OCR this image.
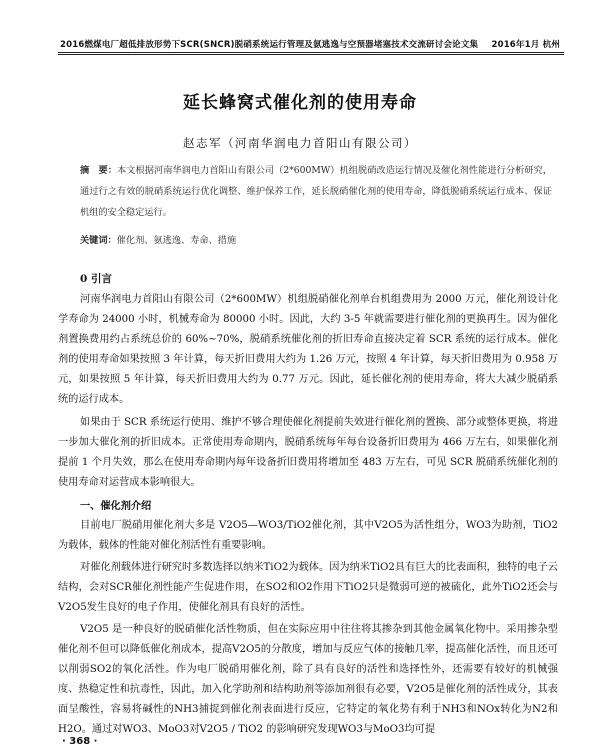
2016燃煤电厂超低排放形势下SCR(SNCR)脱硝系统运行管理及氨逃逸与空预器堵塞技术交流研讨会论文集 2016年1月 杭州
延长蜂窝式催化剂的使用寿命
赵志军（河南华润电力首阳山有限公司）

摘　要：本文根据河南华润电力首阳山有限公司（2*600MW）机组脱硝改造运行情况及催化剂性能进行分析研究，通过行之有效的脱硝系统运行优化调整、维护保养工作，延长脱硝催化剂的使用寿命，降低脱硝系统运行成本、保证机组的安全稳定运行。

关键词：催化剂、氨逃逸、寿命、措施

0 引言

河南华润电力首阳山有限公司（2*600MW）机组脱硝催化剂单台机组费用为 2000 万元，催化剂设计化学寿命为 24000 小时，机械寿命为 80000 小时。因此，大约 3-5 年就需要进行催化剂的更换再生。因为催化剂置换费用约占系统总价的 60%~70%，脱硝系统催化剂的折旧寿命直接决定着 SCR 系统的运行成本。催化剂的使用寿命如果按照 3 年计算，每天折旧费用大约为 1.26 万元，按照 4 年计算，每天折旧费用为 0.958 万元，如果按照 5 年计算，每天折旧费用大约为 0.77 万元。因此，延长催化剂的使用寿命，将大大减少脱硝系统的运行成本。

如果由于 SCR 系统运行使用、维护不够合理使催化剂提前失效进行催化剂的置换、部分或整体更换，将进一步加大催化剂的折旧成本。正常使用寿命期内，脱硝系统每年每台设备折旧费用为 466 万左右，如果催化剂提前 1 个月失效，那么在使用寿命期内每年设备折旧费用将增加至 483 万左右，可见 SCR 脱硝系统催化剂的使用寿命对运营成本影响很大。

一、催化剂介绍

目前电厂脱硝用催化剂大多是 V2O5—WO3/TiO2催化剂，其中V2O5为活性组分，WO3为助剂，TiO2为载体，载体的性能对催化剂活性有重要影响。

对催化剂载体进行研究时多数选择以纳米TiO2为载体。因为纳米TiO2具有巨大的比表面积，独特的电子云结构，会对SCR催化剂性能产生促进作用，在SO2和O2作用下TiO2只是微弱可逆的被硫化，此外TiO2还会与V2O5发生良好的电子作用，使催化剂具有良好的活性。

V2O5 是一种良好的脱硝催化活性物质，但在实际应用中往往将其掺杂到其他金属氧化物中。采用掺杂型催化剂不但可以降低催化剂成本，提高V2O5的分散度，增加与反应气体的接触几率，提高催化活性，而且还可以削弱SO2的氧化活性。作为电厂脱硝用催化剂，除了具有良好的活性和选择性外，还需要有较好的机械强度、热稳定性和抗毒性，因此，加入化学助剂和结构助剂等添加剂很有必要，V2O5是催化剂的活性成分，其表面呈酸性，容易将碱性的NH3捕捉到催化剂表面进行反应，它特定的氧化势有利于NH3和NOx转化为N2和H2O。通过对WO3、MoO3对V2O5 / TiO2 的影响研究发现WO3与MoO3均可提

· 368 ·
